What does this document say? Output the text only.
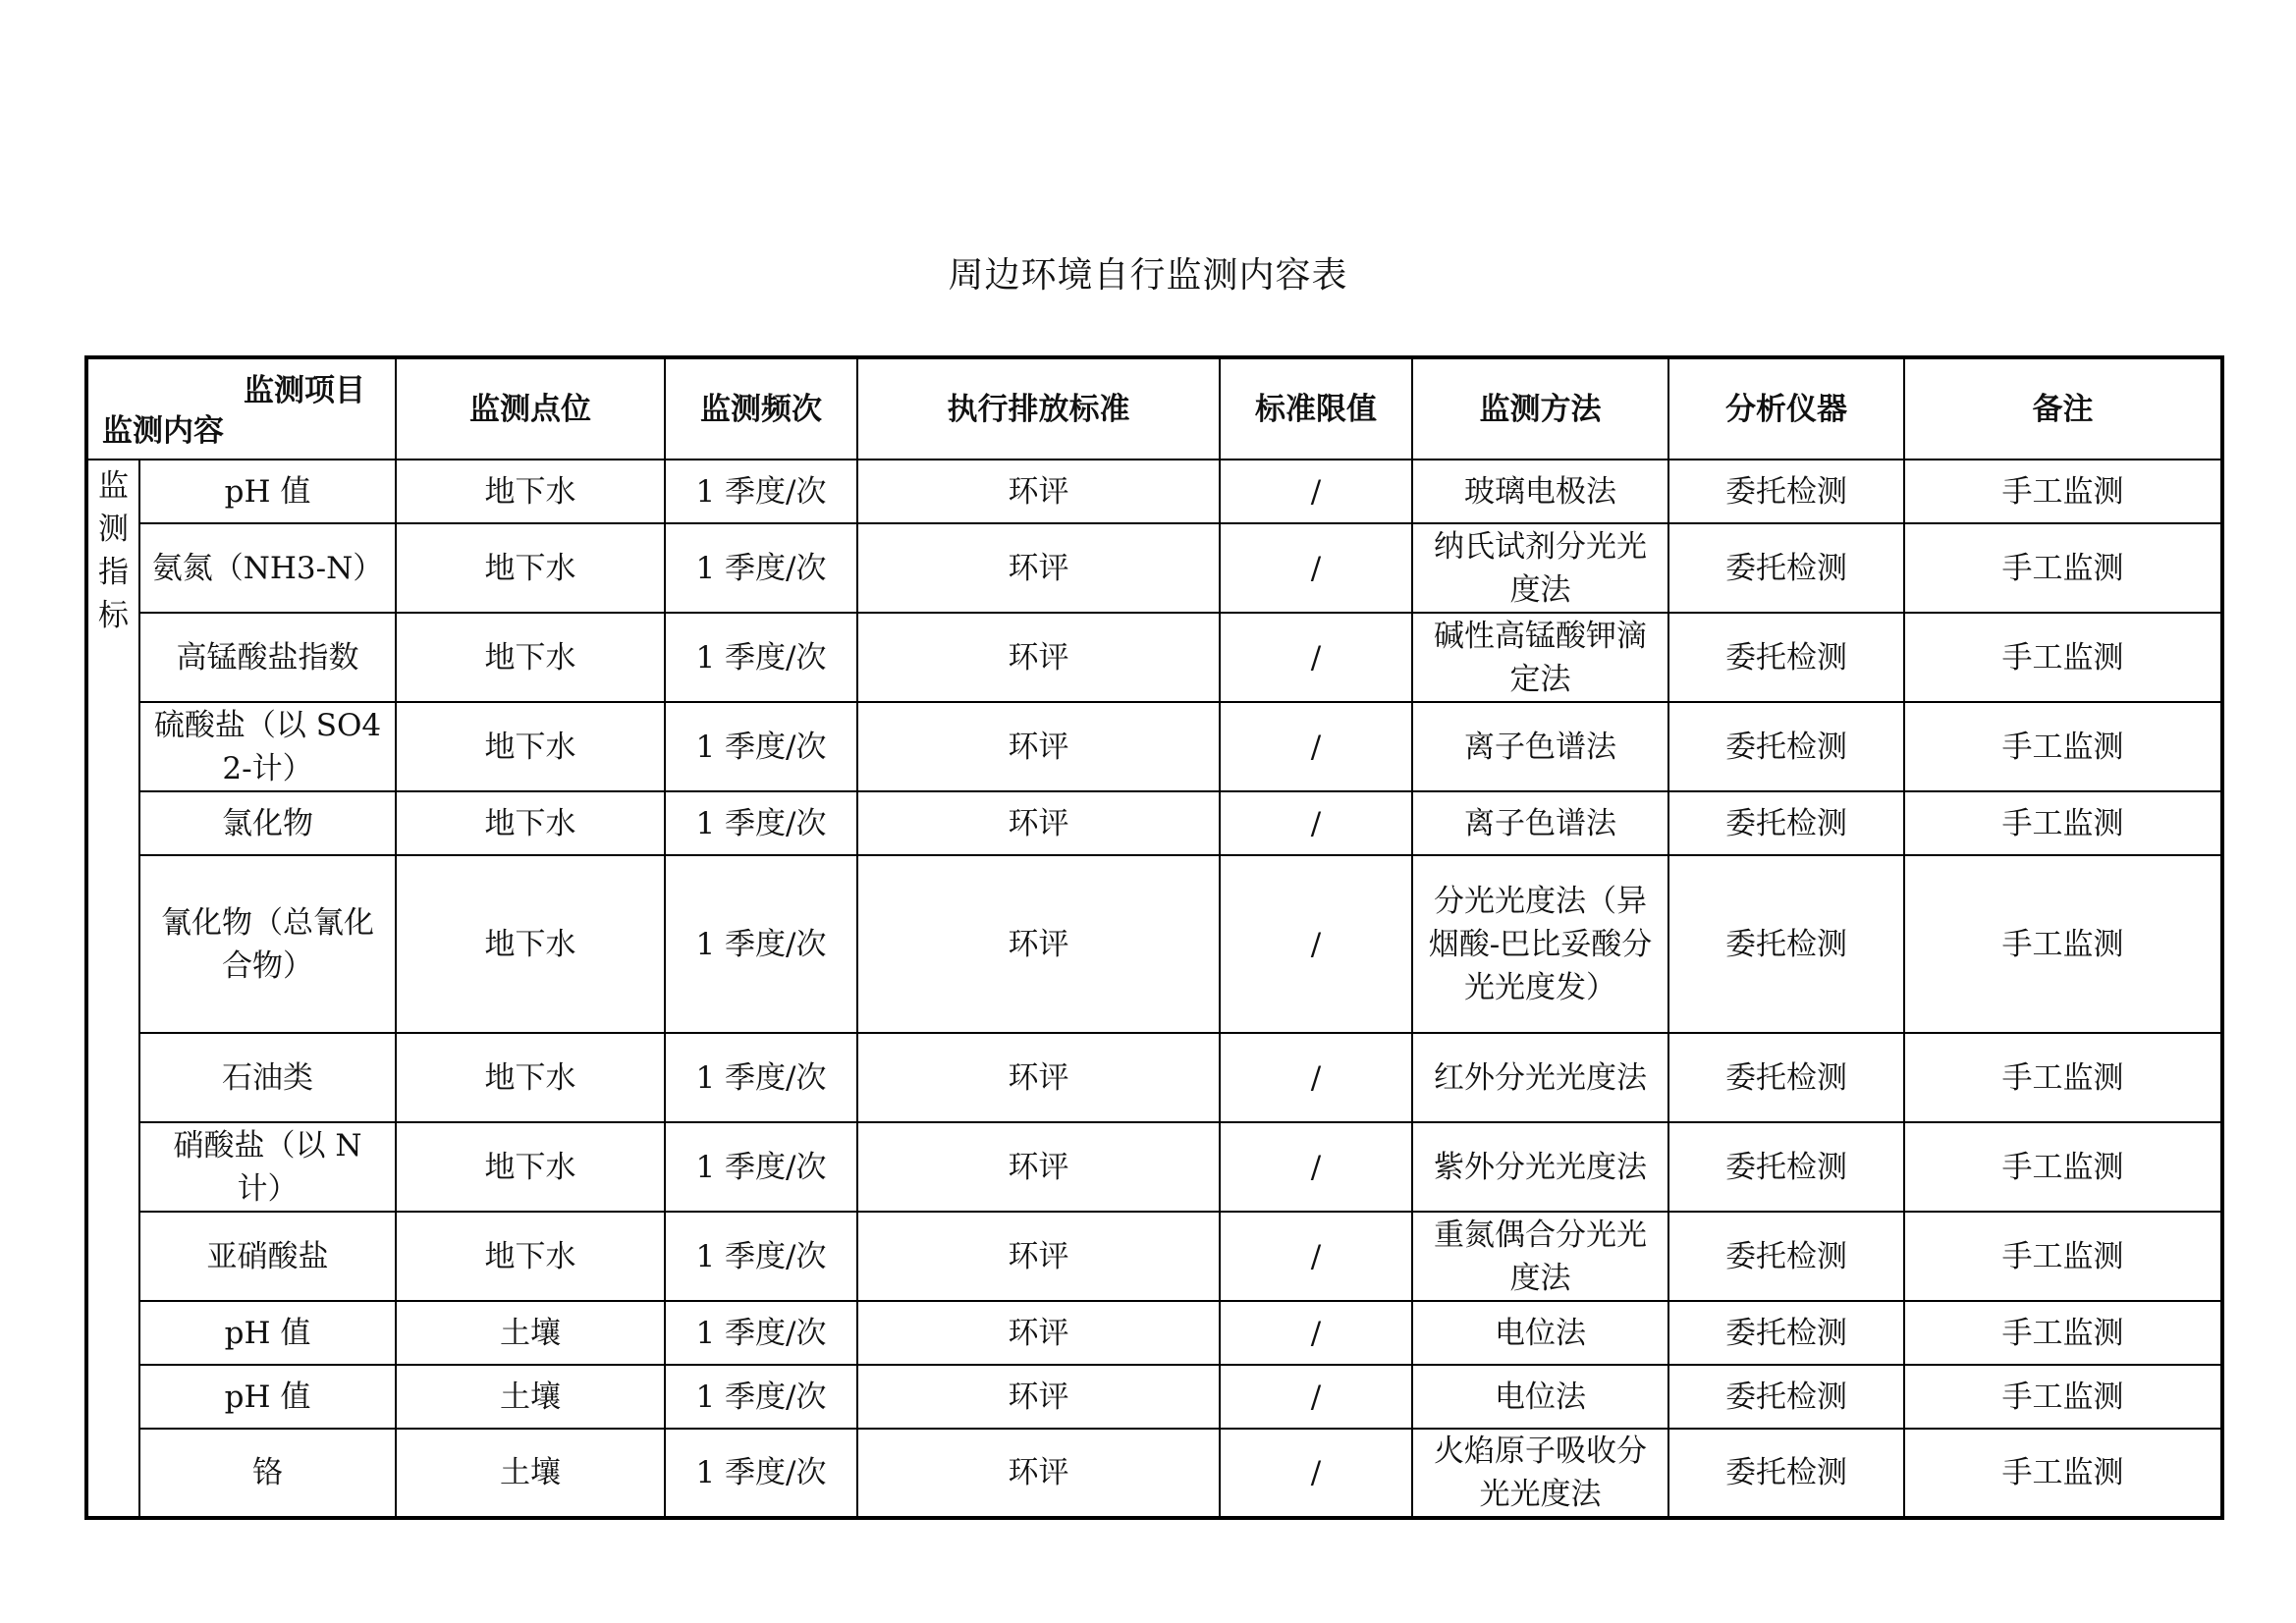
周边环境自行监测内容表
监测项目
监测内容		监测点位	监测频次	执行排放标准	标准限值	监测方法	分析仪器	备注

监
测
指
标	pH 值	地下水	1 季度/次	环评	/	玻璃电极法	委托检测	手工监测
	氨氮（NH3-N）	地下水	1 季度/次	环评	/	纳氏试剂分光光度法	委托检测	手工监测
	高锰酸盐指数	地下水	1 季度/次	环评	/	碱性高锰酸钾滴定法	委托检测	手工监测
	硫酸盐（以 SO42-计）	地下水	1 季度/次	环评	/	离子色谱法	委托检测	手工监测
	氯化物	地下水	1 季度/次	环评	/	离子色谱法	委托检测	手工监测
	氰化物（总氰化合物）	地下水	1 季度/次	环评	/	分光光度法（异烟酸-巴比妥酸分光光度发）	委托检测	手工监测
	石油类	地下水	1 季度/次	环评	/	红外分光光度法	委托检测	手工监测
	硝酸盐（以 N 计）	地下水	1 季度/次	环评	/	紫外分光光度法	委托检测	手工监测
	亚硝酸盐	地下水	1 季度/次	环评	/	重氮偶合分光光度法	委托检测	手工监测
	pH 值	土壤	1 季度/次	环评	/	电位法	委托检测	手工监测
	pH 值	土壤	1 季度/次	环评	/	电位法	委托检测	手工监测
	铬	土壤	1 季度/次	环评	/	火焰原子吸收分光光度法	委托检测	手工监测
